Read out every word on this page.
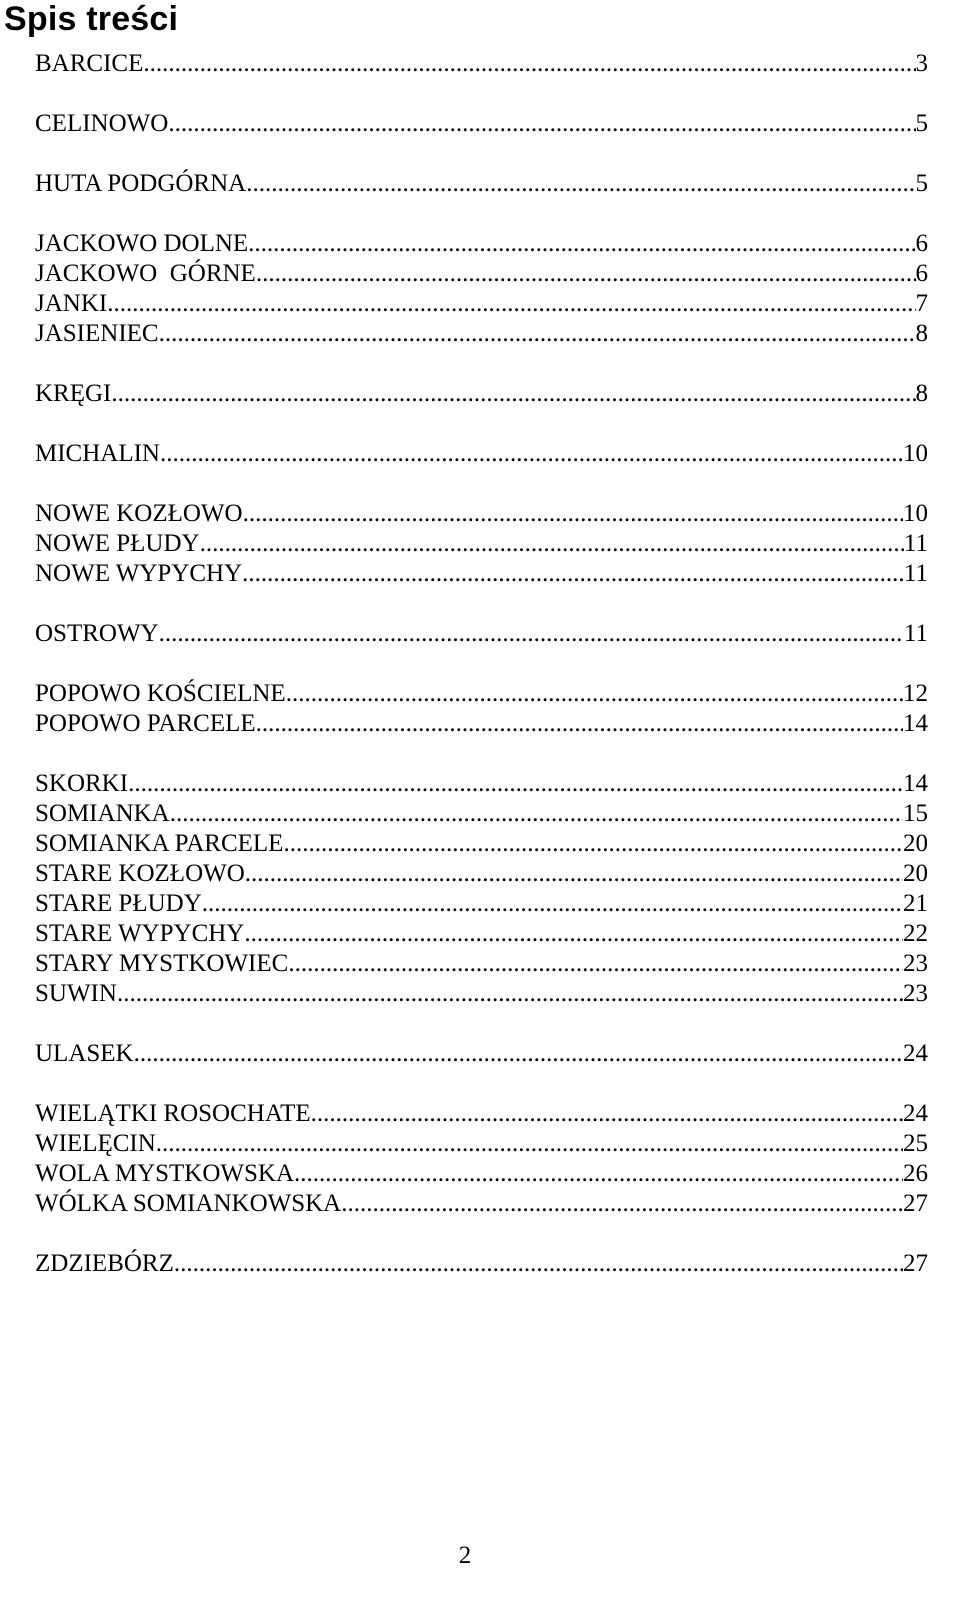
Spis treści
BARCICE .....	3
CELINOWO .....	5
HUTA PODGÓRNA .....	5
JACKOWO DOLNE .....	6
JACKOWO  GÓRNE .....	6
JANKI .....	7
JASIENIEC .....	8
KRĘGI .....	8
MICHALIN .....	10
NOWE KOZŁOWO .....	10
NOWE PŁUDY .....	11
NOWE WYPYCHY .....	11
OSTROWY .....	11
POPOWO KOŚCIELNE .....	12
POPOWO PARCELE .....	14
SKORKI .....	14
SOMIANKA .....	15
SOMIANKA PARCELE .....	20
STARE KOZŁOWO .....	20
STARE PŁUDY .....	21
STARE WYPYCHY .....	22
STARY MYSTKOWIEC .....	23
SUWIN .....	23
ULASEK .....	24
WIELĄTKI ROSOCHATE .....	24
WIELĘCIN .....	25
WOLA MYSTKOWSKA .....	26
WÓLKA SOMIANKOWSKA .....	27
ZDZIEBÓRZ .....	27
2
